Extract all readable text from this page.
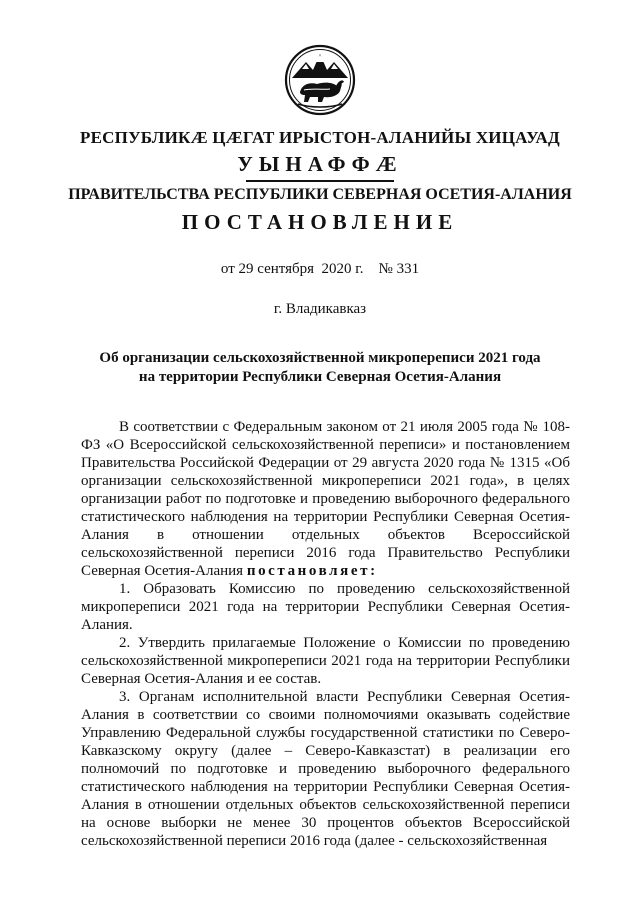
РЕСПУБЛИКӔ ЦӔГАТ ИРЫСТОН-АЛАНИЙЫ ХИЦАУАД
УЫНАФФӔ
ПРАВИТЕЛЬСТВА РЕСПУБЛИКИ СЕВЕРНАЯ ОСЕТИЯ-АЛАНИЯ
ПОСТАНОВЛЕНИЕ
от 29 сентября  2020 г.    № 331
г. Владикавказ
Об организации сельскохозяйственной микропереписи 2021 года
на территории Республики Северная Осетия-Алания

В соответствии с Федеральным законом от 21 июля 2005 года № 108-ФЗ «О Всероссийской сельскохозяйственной переписи» и постановлением Правительства Российской Федерации от 29 августа 2020 года № 1315 «Об организации сельскохозяйственной микропереписи 2021 года», в целях организации работ по подготовке и проведению выборочного федерального статистического наблюдения на территории Республики Северная Осетия-Алания в отношении отдельных объектов Всероссийской сельскохозяйственной переписи 2016 года Правительство Республики Северная Осетия-Алания постановляет:

1. Образовать Комиссию по проведению сельскохозяйственной микропереписи 2021 года на территории Республики Северная Осетия-Алания.

2. Утвердить прилагаемые Положение о Комиссии по проведению сельскохозяйственной микропереписи 2021 года на территории Республики Северная Осетия-Алания и ее состав.

3. Органам исполнительной власти Республики Северная Осетия-Алания в соответствии со своими полномочиями оказывать содействие Управлению Федеральной службы государственной статистики по Северо-Кавказскому округу (далее – Северо-Кавказстат) в реализации его полномочий по подготовке и проведению выборочного федерального статистического наблюдения на территории Республики Северная Осетия-Алания в отношении отдельных объектов сельскохозяйственной переписи на основе выборки не менее 30 процентов объектов Всероссийской сельскохозяйственной переписи 2016 года (далее - сельскохозяйственная
